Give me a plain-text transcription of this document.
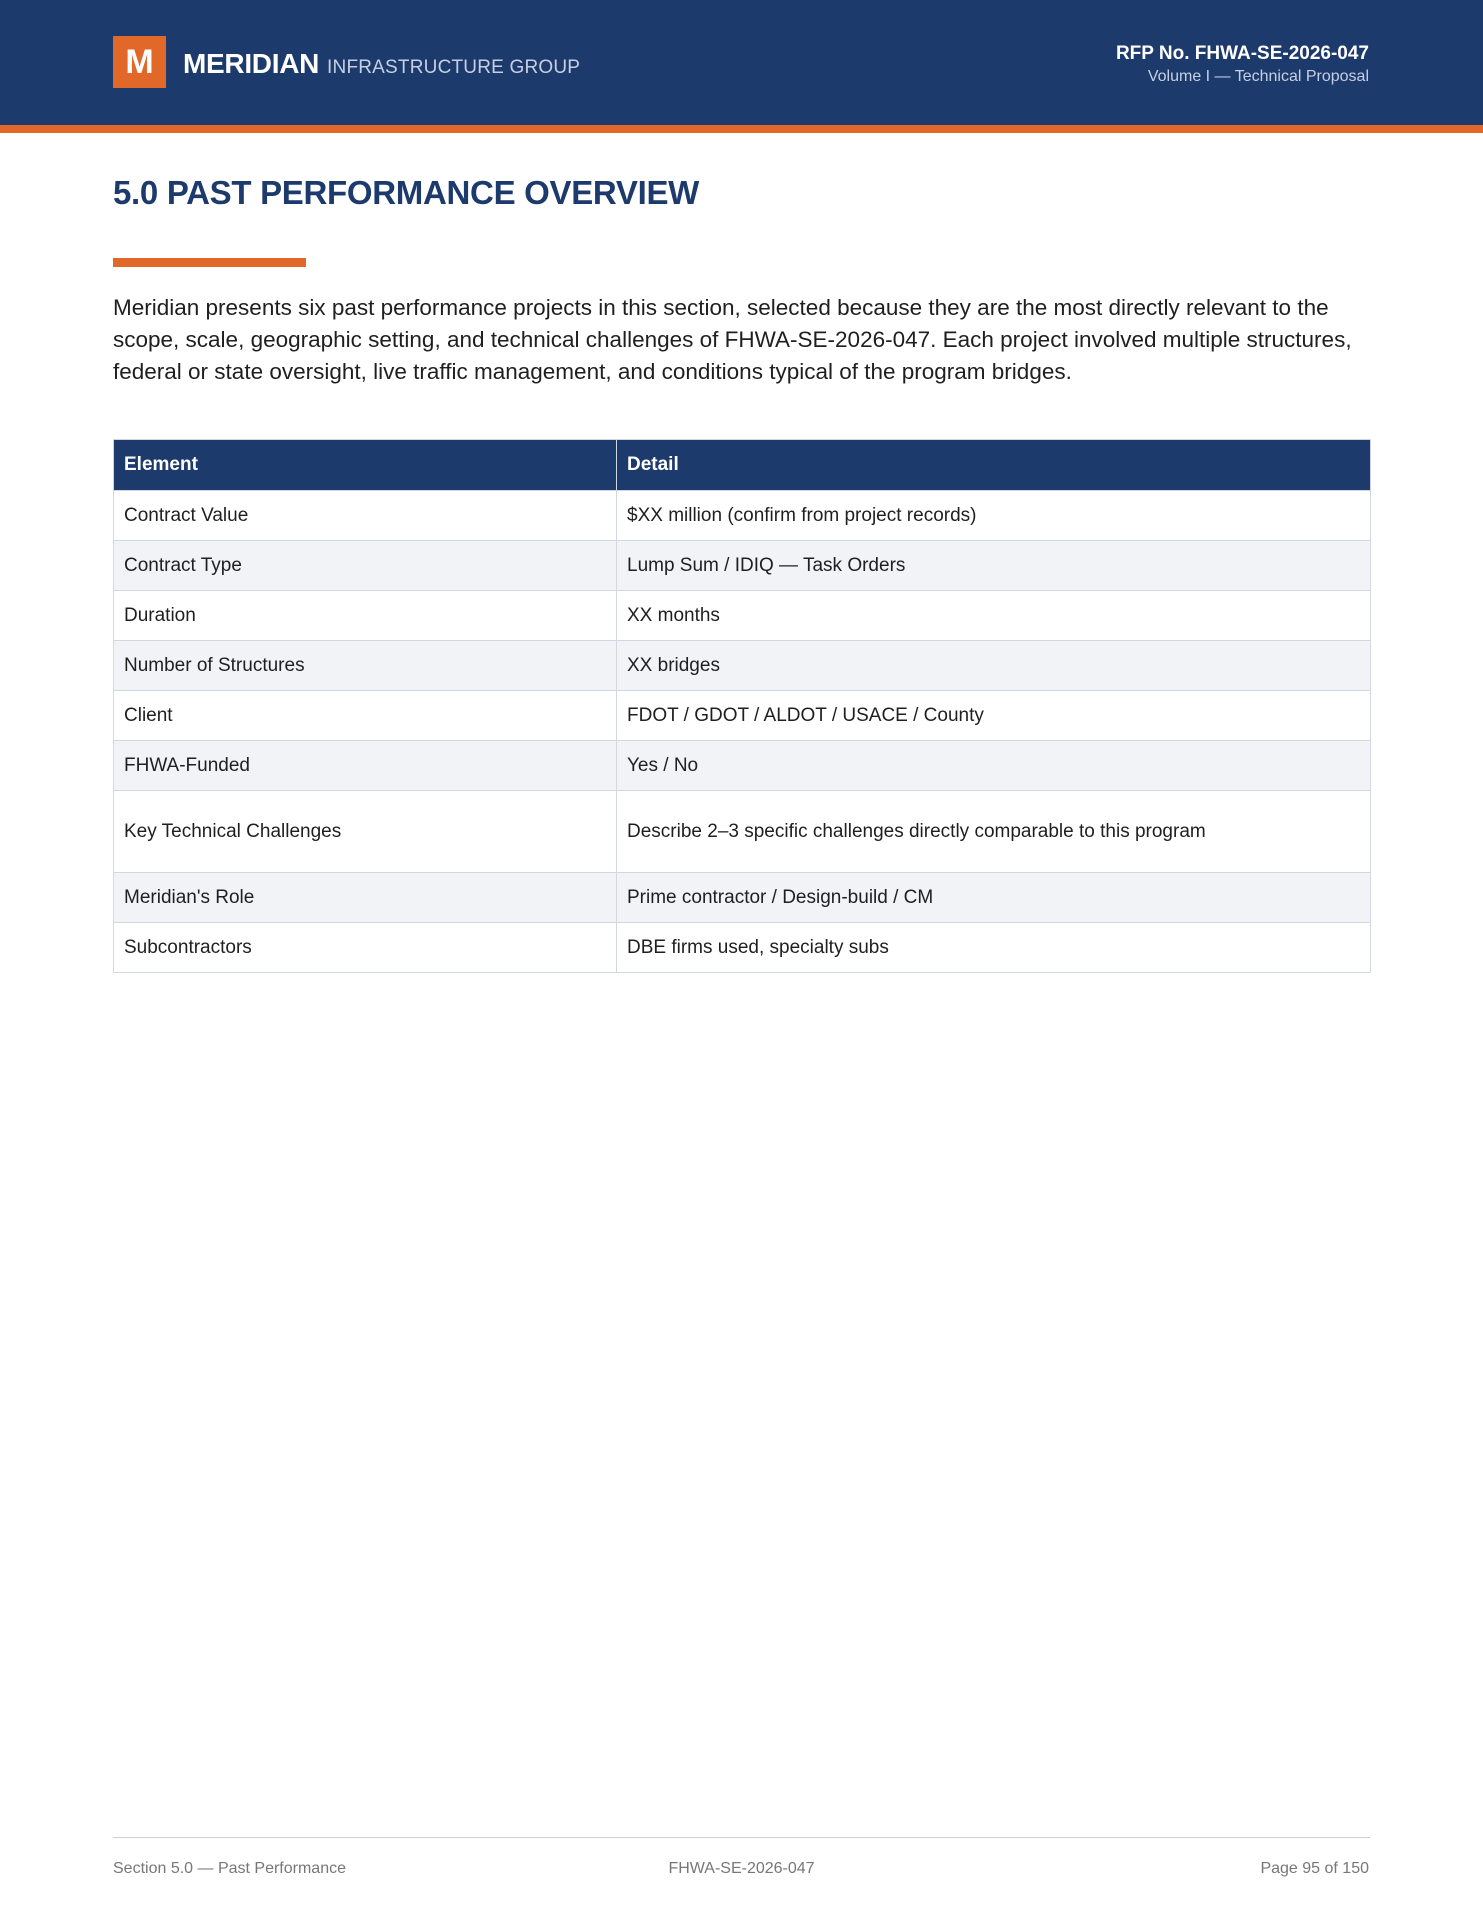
M	MERIDIAN INFRASTRUCTURE GROUP
RFP No. FHWA-SE-2026-047
Volume I — Technical Proposal
5.0 PAST PERFORMANCE OVERVIEW

Meridian presents six past performance projects in this section, selected because they are the most directly relevant to the scope, scale, geographic setting, and technical challenges of FHWA-SE-2026-047. Each project involved multiple structures, federal or state oversight, live traffic management, and conditions typical of the program bridges.

Element	Detail
Contract Value	$XX million (confirm from project records)
Contract Type	Lump Sum / IDIQ — Task Orders
Duration	XX months
Number of Structures	XX bridges
Client	FDOT / GDOT / ALDOT / USACE / County
FHWA-Funded	Yes / No
Key Technical Challenges	Describe 2–3 specific challenges directly comparable to this program
Meridian's Role	Prime contractor / Design-build / CM
Subcontractors	DBE firms used, specialty subs
Section 5.0 — Past Performance	FHWA-SE-2026-047	Page 95 of 150
